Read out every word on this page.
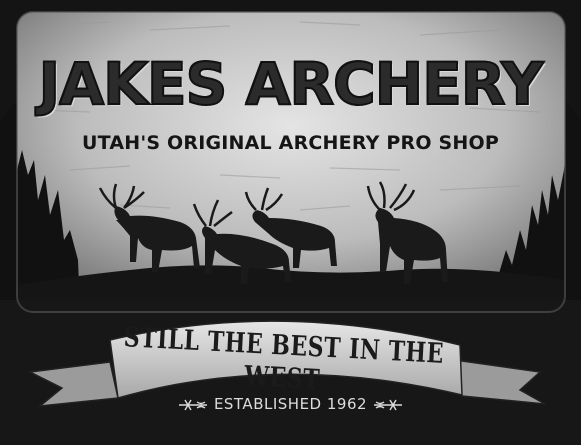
JAKES ARCHERY
UTAH'S ORIGINAL ARCHERY PRO SHOP
STILL THE BEST IN THE WEST
ESTABLISHED 1962
